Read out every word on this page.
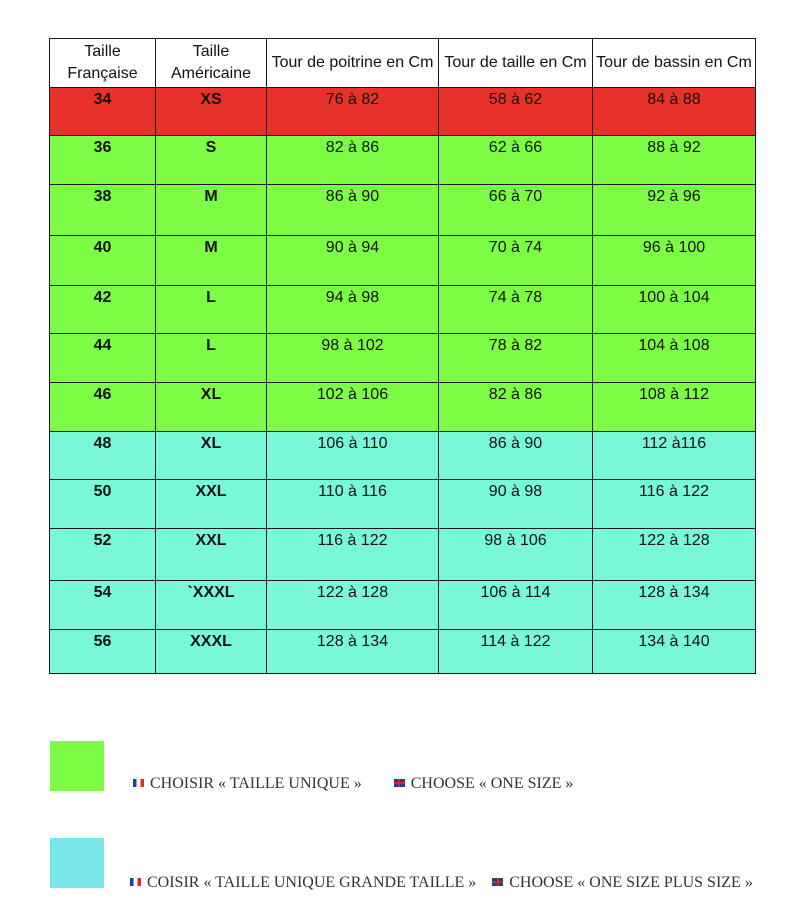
Taille Française	Taille Américaine	Tour de poitrine en Cm	Tour de taille en Cm	Tour de bassin en Cm
34	XS	76 à 82	58 à 62	84 à 88
36	S	82 à 86	62 à 66	88 à 92
38	M	86 à 90	66 à 70	92 à 96
40	M	90 à 94	70 à 74	96 à 100
42	L	94 à 98	74 à 78	100 à 104
44	L	98 à 102	78 à 82	104 à 108
46	XL	102 à 106	82 à 86	108 à 112
48	XL	106 à 110	86 à 90	112 à116
50	XXL	110 à 116	90 à 98	116 à 122
52	XXL	116 à 122	98 à 106	122 à 128
54	`XXXL	122 à 128	106 à 114	128 à 134
56	XXXL	128 à 134	114 à 122	134 à 140
CHOISIR « TAILLE UNIQUE »	CHOOSE « ONE SIZE »
COISIR « TAILLE UNIQUE GRANDE TAILLE » CHOOSE « ONE SIZE PLUS SIZE »
